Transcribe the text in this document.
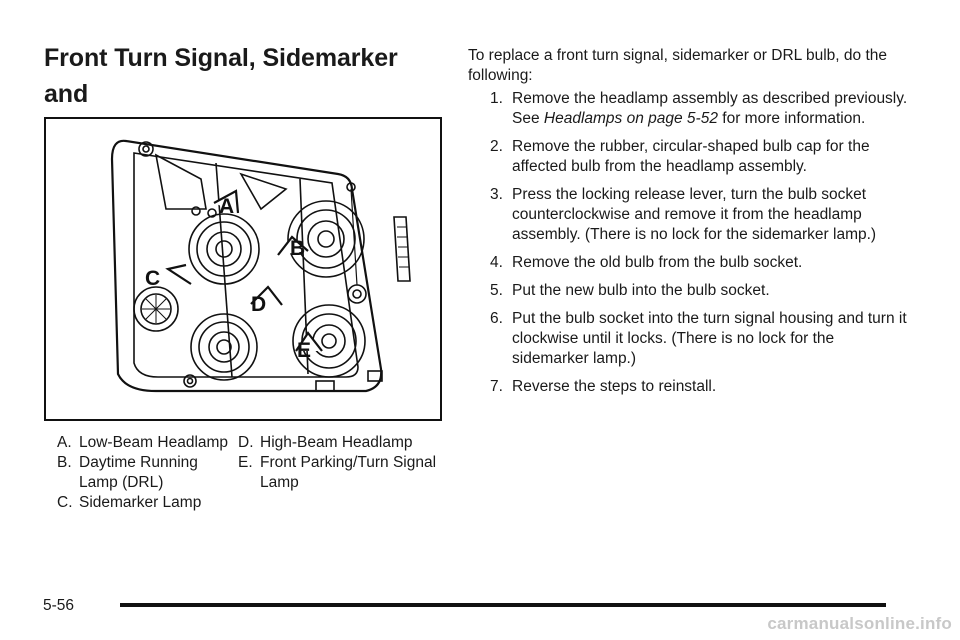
Front Turn Signal, Sidemarker and
A
B
C
D
E

A. Low-Beam Headlamp

B. Daytime Running Lamp (DRL)

C. Sidemarker Lamp

D. High-Beam Headlamp

E. Front Parking/Turn Signal Lamp

To replace a front turn signal, sidemarker or DRL bulb, do the following:

1. Remove the headlamp assembly as described previously. See Headlamps on page 5-52 for more information.
2. Remove the rubber, circular-shaped bulb cap for the affected bulb from the headlamp assembly.
3. Press the locking release lever, turn the bulb socket counterclockwise and remove it from the headlamp assembly. (There is no lock for the sidemarker lamp.)
4. Remove the old bulb from the bulb socket.
5. Put the new bulb into the bulb socket.
6. Put the bulb socket into the turn signal housing and turn it clockwise until it locks. (There is no lock for the sidemarker lamp.)
7. Reverse the steps to reinstall.
5-56
carmanualsonline.info
